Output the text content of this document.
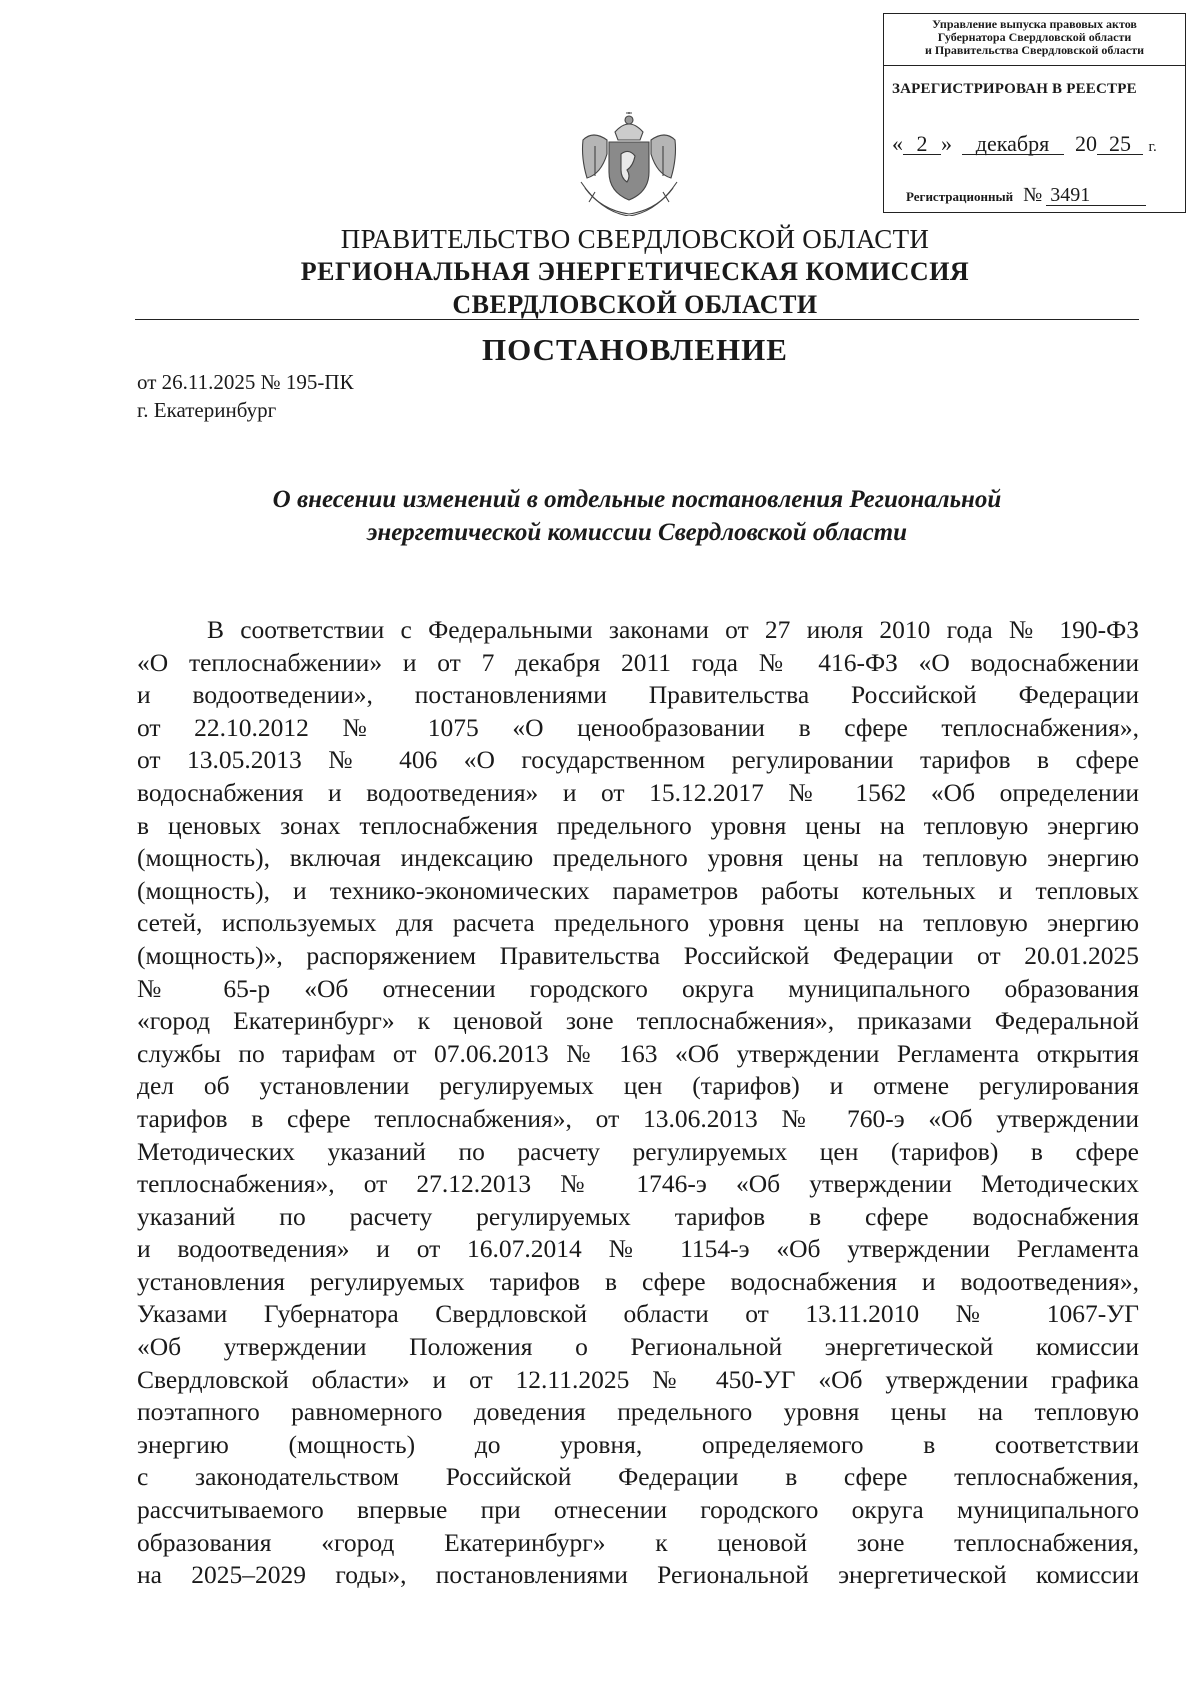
Управление выпуска правовых актов
Губернатора Свердловской области
и Правительства Свердловской области
ЗАРЕГИСТРИРОВАН В РЕЕСТРЕ
« 2 » декабря 20 25 г.
Регистрационный № 3491
ПРАВИТЕЛЬСТВО СВЕРДЛОВСКОЙ ОБЛАСТИ
РЕГИОНАЛЬНАЯ ЭНЕРГЕТИЧЕСКАЯ КОМИССИЯ
СВЕРДЛОВСКОЙ ОБЛАСТИ
ПОСТАНОВЛЕНИЕ
от 26.11.2025 № 195-ПК
г. Екатеринбург
О внесении изменений в отдельные постановления Региональной
энергетической комиссии Свердловской области
В соответствии с Федеральными законами от 27 июля 2010 года № 190-ФЗ
«О теплоснабжении» и от 7 декабря 2011 года № 416-ФЗ «О водоснабжении
и водоотведении», постановлениями Правительства Российской Федерации
от 22.10.2012 № 1075 «О ценообразовании в сфере теплоснабжения»,
от 13.05.2013 № 406 «О государственном регулировании тарифов в сфере
водоснабжения и водоотведения» и от 15.12.2017 № 1562 «Об определении
в ценовых зонах теплоснабжения предельного уровня цены на тепловую энергию
(мощность), включая индексацию предельного уровня цены на тепловую энергию
(мощность), и технико-экономических параметров работы котельных и тепловых
сетей, используемых для расчета предельного уровня цены на тепловую энергию
(мощность)», распоряжением Правительства Российской Федерации от 20.01.2025
№ 65-р «Об отнесении городского округа муниципального образования
«город Екатеринбург» к ценовой зоне теплоснабжения», приказами Федеральной
службы по тарифам от 07.06.2013 № 163 «Об утверждении Регламента открытия
дел об установлении регулируемых цен (тарифов) и отмене регулирования
тарифов в сфере теплоснабжения», от 13.06.2013 № 760-э «Об утверждении
Методических указаний по расчету регулируемых цен (тарифов) в сфере
теплоснабжения», от 27.12.2013 № 1746-э «Об утверждении Методических
указаний по расчету регулируемых тарифов в сфере водоснабжения
и водоотведения» и от 16.07.2014 № 1154-э «Об утверждении Регламента
установления регулируемых тарифов в сфере водоснабжения и водоотведения»,
Указами Губернатора Свердловской области от 13.11.2010 № 1067-УГ
«Об утверждении Положения о Региональной энергетической комиссии
Свердловской области» и от 12.11.2025 № 450-УГ «Об утверждении графика
поэтапного равномерного доведения предельного уровня цены на тепловую
энергию (мощность) до уровня, определяемого в соответствии
с законодательством Российской Федерации в сфере теплоснабжения,
рассчитываемого впервые при отнесении городского округа муниципального
образования «город Екатеринбург» к ценовой зоне теплоснабжения,
на 2025–2029 годы», постановлениями Региональной энергетической комиссии
